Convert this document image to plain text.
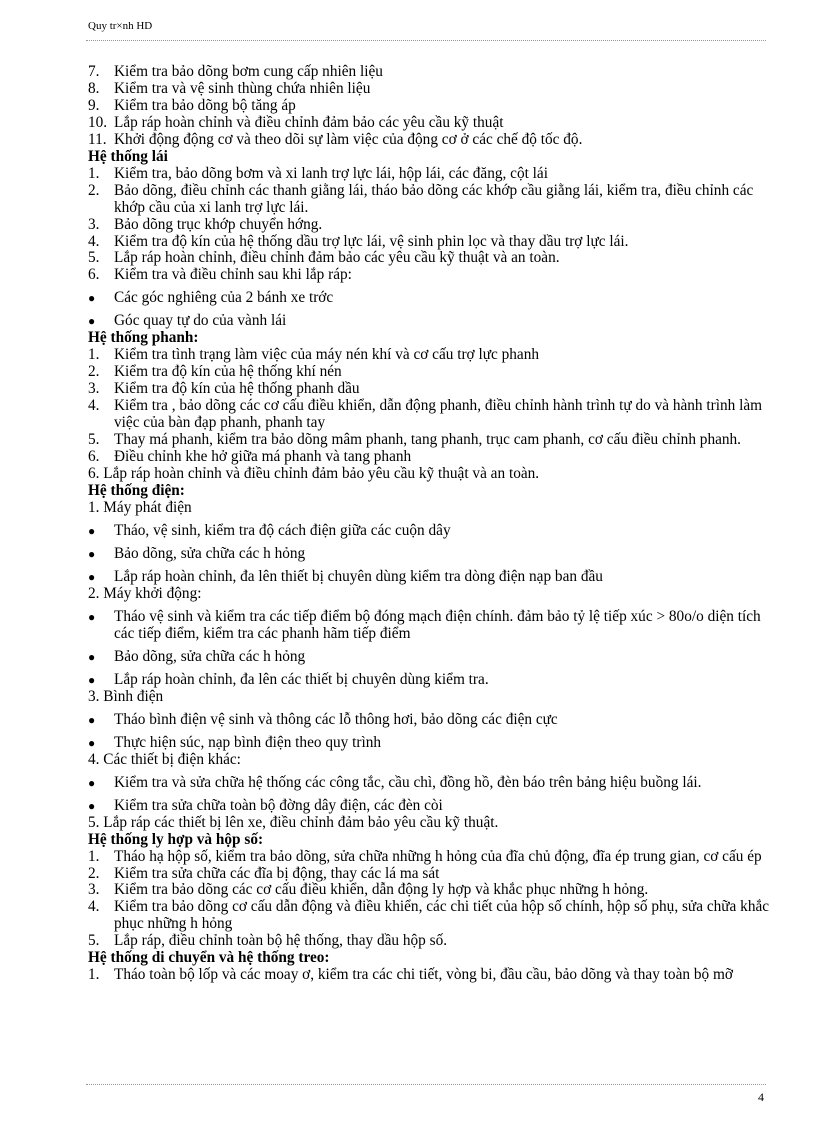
Quy tr×nh HD
7. Kiểm tra bảo dõng bơm cung cấp nhiên liệu
8. Kiểm tra và vệ sinh thùng chứa nhiên liệu
9. Kiểm tra bảo dõng bộ tăng áp
10. Lắp ráp hoàn chỉnh và điều chỉnh đảm bảo các yêu cầu kỹ thuật
11. Khởi động động cơ và theo dõi sự làm việc của động cơ ở các chế độ tốc độ.
Hệ thống lái
1. Kiểm tra, bảo dõng bơm và xi lanh trợ lực lái, hộp lái, các đăng, cột lái
2. Bảo dõng, điều chỉnh các thanh giằng lái, tháo bảo dõng các khớp cầu giằng lái, kiểm tra, điều chỉnh các khớp cầu của xi lanh trợ lực lái.
3. Bảo dõng trục khớp chuyển hớng.
4. Kiểm tra độ kín của hệ thống dầu trợ lực lái, vệ sinh phin lọc và thay dầu trợ lực lái.
5. Lắp ráp hoàn chỉnh, điều chỉnh đảm bảo các yêu cầu kỹ thuật và an toàn.
6. Kiểm tra và điều chỉnh sau khi lắp ráp:
●	Các góc nghiêng của 2 bánh xe trớc
●	Góc quay tự do của vành lái
Hệ thống phanh:
1. Kiểm tra tình trạng làm việc của máy nén khí và cơ cấu trợ lực phanh
2. Kiểm tra độ kín của hệ thống khí nén
3. Kiểm tra độ kín của hệ thống phanh dầu
4. Kiểm tra , bảo dõng các cơ cấu điều khiển, dẫn động phanh, điều chỉnh hành trình tự do và hành trình làm việc của bàn đạp phanh, phanh tay
5. Thay má phanh, kiểm tra bảo dõng mâm phanh, tang phanh, trục cam phanh, cơ cấu điều chỉnh phanh.
6. Điều chỉnh khe hở giữa má phanh và tang phanh
6. Lắp ráp hoàn chỉnh và điều chỉnh đảm bảo yêu cầu kỹ thuật và an toàn.
Hệ thống điện:
1. Máy phát điện
●	Tháo, vệ sinh, kiểm tra độ cách điện giữa các cuộn dây
●	Bảo dõng, sửa chữa các h hỏng
●	Lắp ráp hoàn chỉnh, đa lên thiết bị chuyên dùng kiểm tra dòng điện nạp ban đầu
2. Máy khởi động:
●	Tháo vệ sinh và kiểm tra các tiếp điểm bộ đóng mạch điện chính. đảm bảo tỷ lệ tiếp xúc > 80o/o diện tích các tiếp điểm, kiểm tra các phanh hãm tiếp điểm
●	Bảo dõng, sửa chữa các h hỏng
●	Lắp ráp hoàn chỉnh, đa lên các thiết bị chuyên dùng kiểm tra.
3. Bình điện
●	Tháo bình điện vệ sinh và thông các lỗ thông hơi, bảo dõng các điện cực
●	Thực hiện súc, nạp bình điện theo quy trình
4. Các thiết bị điện khác:
●	Kiểm tra và sửa chữa hệ thống các công tắc, cầu chì, đồng hồ, đèn báo trên bảng hiệu buồng lái.
●	Kiểm tra sửa chữa toàn bộ đờng dây điện, các đèn còi
5. Lắp ráp các thiết bị lên xe, điều chỉnh đảm bảo yêu cầu kỹ thuật.
Hệ thống ly hợp và hộp số:
1. Tháo hạ hộp số, kiểm tra bảo dõng, sửa chữa những h hỏng của đĩa chủ động, đĩa ép trung gian, cơ cấu ép
2. Kiểm tra sửa chữa các đĩa bị động, thay các lá ma sát
3. Kiểm tra bảo dõng các cơ cấu điều khiển, dẫn động ly hợp và khắc phục những h hỏng.
4. Kiểm tra bảo dõng cơ cấu dẫn động và điều khiển, các chi tiết của hộp số chính, hộp số phụ, sửa chữa khắc phục những h hỏng
5. Lắp ráp, điều chỉnh toàn bộ hệ thống, thay dầu hộp số.
Hệ thống di chuyển và hệ thống treo:
1. Tháo toàn bộ lốp và các moay ơ, kiểm tra các chi tiết, vòng bi, đầu cầu, bảo dõng và thay toàn bộ mỡ
4
